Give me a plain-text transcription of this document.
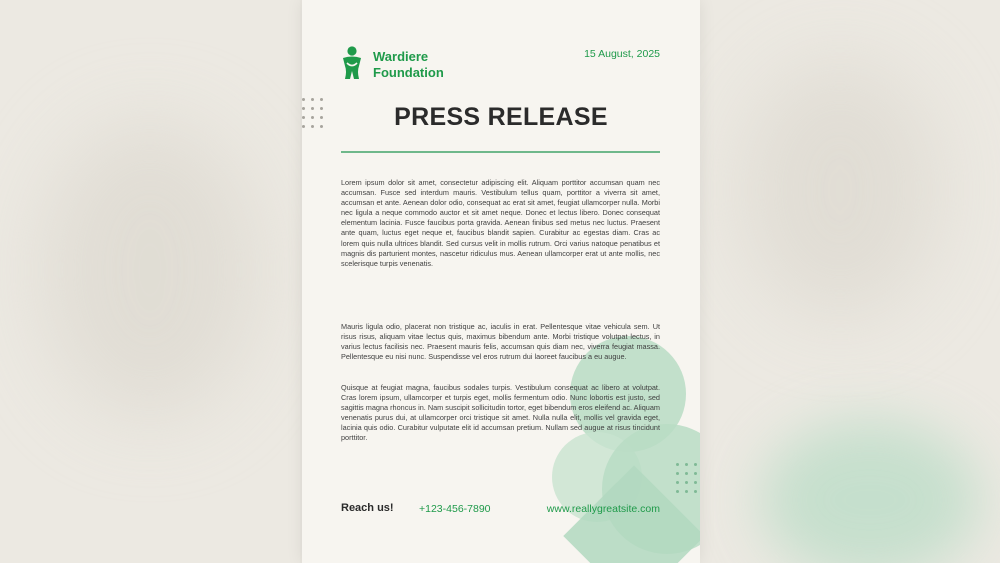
Wardiere
Foundation
15 August, 2025
PRESS RELEASE

Lorem ipsum dolor sit amet, consectetur adipiscing elit. Aliquam porttitor accumsan quam nec accumsan. Fusce sed interdum mauris. Vestibulum tellus quam, porttitor a viverra sit amet, accumsan et ante. Aenean dolor odio, consequat ac erat sit amet, feugiat ullamcorper nulla. Morbi nec ligula a neque commodo auctor et sit amet neque. Donec et lectus libero. Donec consequat elementum lacinia. Fusce faucibus porta gravida. Aenean finibus sed metus nec luctus. Praesent ante quam, luctus eget neque et, faucibus blandit sapien. Curabitur ac egestas diam. Cras ac lorem quis nulla ultrices blandit. Sed cursus velit in mollis rutrum. Orci varius natoque penatibus et magnis dis parturient montes, nascetur ridiculus mus. Aenean ullamcorper erat ut ante mollis, nec scelerisque turpis venenatis.

Mauris ligula odio, placerat non tristique ac, iaculis in erat. Pellentesque vitae vehicula sem. Ut risus risus, aliquam vitae lectus quis, maximus bibendum ante. Morbi tristique volutpat lectus, in varius lectus facilisis nec. Praesent mauris felis, accumsan quis diam nec, viverra feugiat massa. Pellentesque eu nisi nunc. Suspendisse vel eros rutrum dui laoreet faucibus a eu augue.

Quisque at feugiat magna, faucibus sodales turpis. Vestibulum consequat ac libero at volutpat. Cras lorem ipsum, ullamcorper et turpis eget, mollis fermentum odio. Nunc lobortis est justo, sed sagittis magna rhoncus in. Nam suscipit sollicitudin tortor, eget bibendum eros eleifend ac. Aliquam venenatis purus dui, at ullamcorper orci tristique sit amet. Nulla nulla elit, mollis vel gravida eget, lacinia quis odio. Curabitur vulputate elit id accumsan pretium. Nullam sed augue at risus tincidunt porttitor.

Reach us! +123-456-7890	www.reallygreatsite.com
